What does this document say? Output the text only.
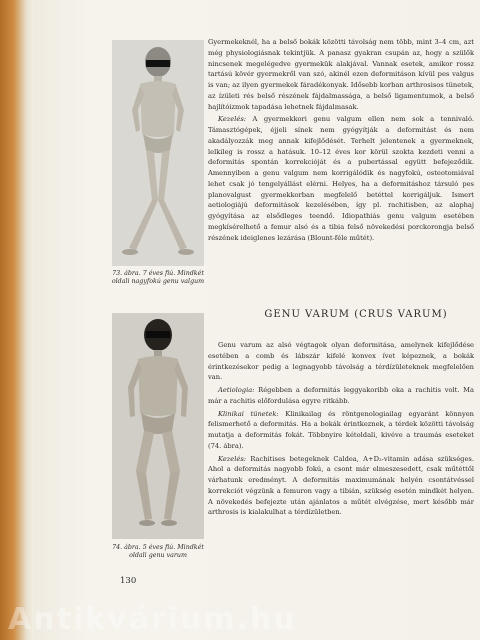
73. ábra. 7 éves fiú. Mindkét oldali nagyfokú genu valgum

Gyermekeknél, ha a belső bokák közötti távolság nem több, mint 3–4 cm, azt még physiologiásnak tekintjük. A panasz gyakran csupán az, hogy a szülők nincsenek megelégedve gyermekük alakjával. Vannak esetek, amikor rossz tartású kövér gyermekről van szó, akinél ezen deformitáson kívül pes valgus is van; az ilyen gyermekek fáradékonyak. Idősebb korban arthrosisos tünetek, az ízületi rés belső részének fájdalmassága, a belső ligamentumok, a belső hajlítóizmok tapadása lehetnek fájdalmasak.

Kezelés: A gyermekkori genu valgum ellen nem sok a tennivaló. Támasztógépek, éjjeli sínek nem gyógyítják a deformitást és nem akadályozzák meg annak kifejlődését. Terhelt jelentenek a gyermeknek, lelkileg is rossz a hatásuk. 10–12 éves kor körül szokta kezdeti venni a deformitás spontán korrekcióját és a pubertással együtt befejeződik. Amennyiben a genu valgum nem korrigálódik és nagyfokú, osteotomiával lehet csak jó tengelyállást elérni. Helyes, ha a deformitáshoz társuló pes planovalgust gyermekkorban megfelelő betéttel korrigáljuk. Ismert aetiologiájú deformitások kezelésében, így pl. rachitisben, az alaphaj gyógyítása az elsődleges teendő. Idiopathiás genu valgum esetében megkísérelhető a femur alsó és a tibia felső növekedési porckorongja belső részének ideiglenes lezárása (Blount-féle műtét).

GENU VARUM (CRUS VARUM)
74. ábra. 5 éves fiú. Mindkét oldali genu varum

Genu varum az alsó végtagok olyan deformitása, amelynek kifejlődése esetében a comb és lábszár kifelé konvex ívet képeznek, a bokák érintkezésekor pedig a legnagyobb távolság a térdízületeknek megfelelően van.

Aetiologia: Régebben a deformitás leggyakoribb oka a rachitis volt. Ma már a rachitis előfordulása egyre ritkább.

Klinikai tünetek: Klinikailag és röntgenologiailag egyaránt könnyen felismerhető a deformitás. Ha a bokák érintkeznek, a térdek közötti távolság mutatja a deformitás fokát. Többnyire kétoldali, kivéve a traumás eseteket (74. ábra).

Kezelés: Rachitises betegeknek Caldea, A+D₂-vitamin adása szükséges. Ahol a deformitás nagyobb fokú, a csont már elmeszesedett, csak műtéttől várhatunk eredményt. A deformitás maximumának helyén csontátvéssel korrekciót végzünk a femuron vagy a tibián, szükség esetén mindkét helyen. A növekedés befejezte után ajánlatos a műtét elvégzése, mert később már arthrosis is kialakulhat a térdízületben.

130
Antikvárium.hu
